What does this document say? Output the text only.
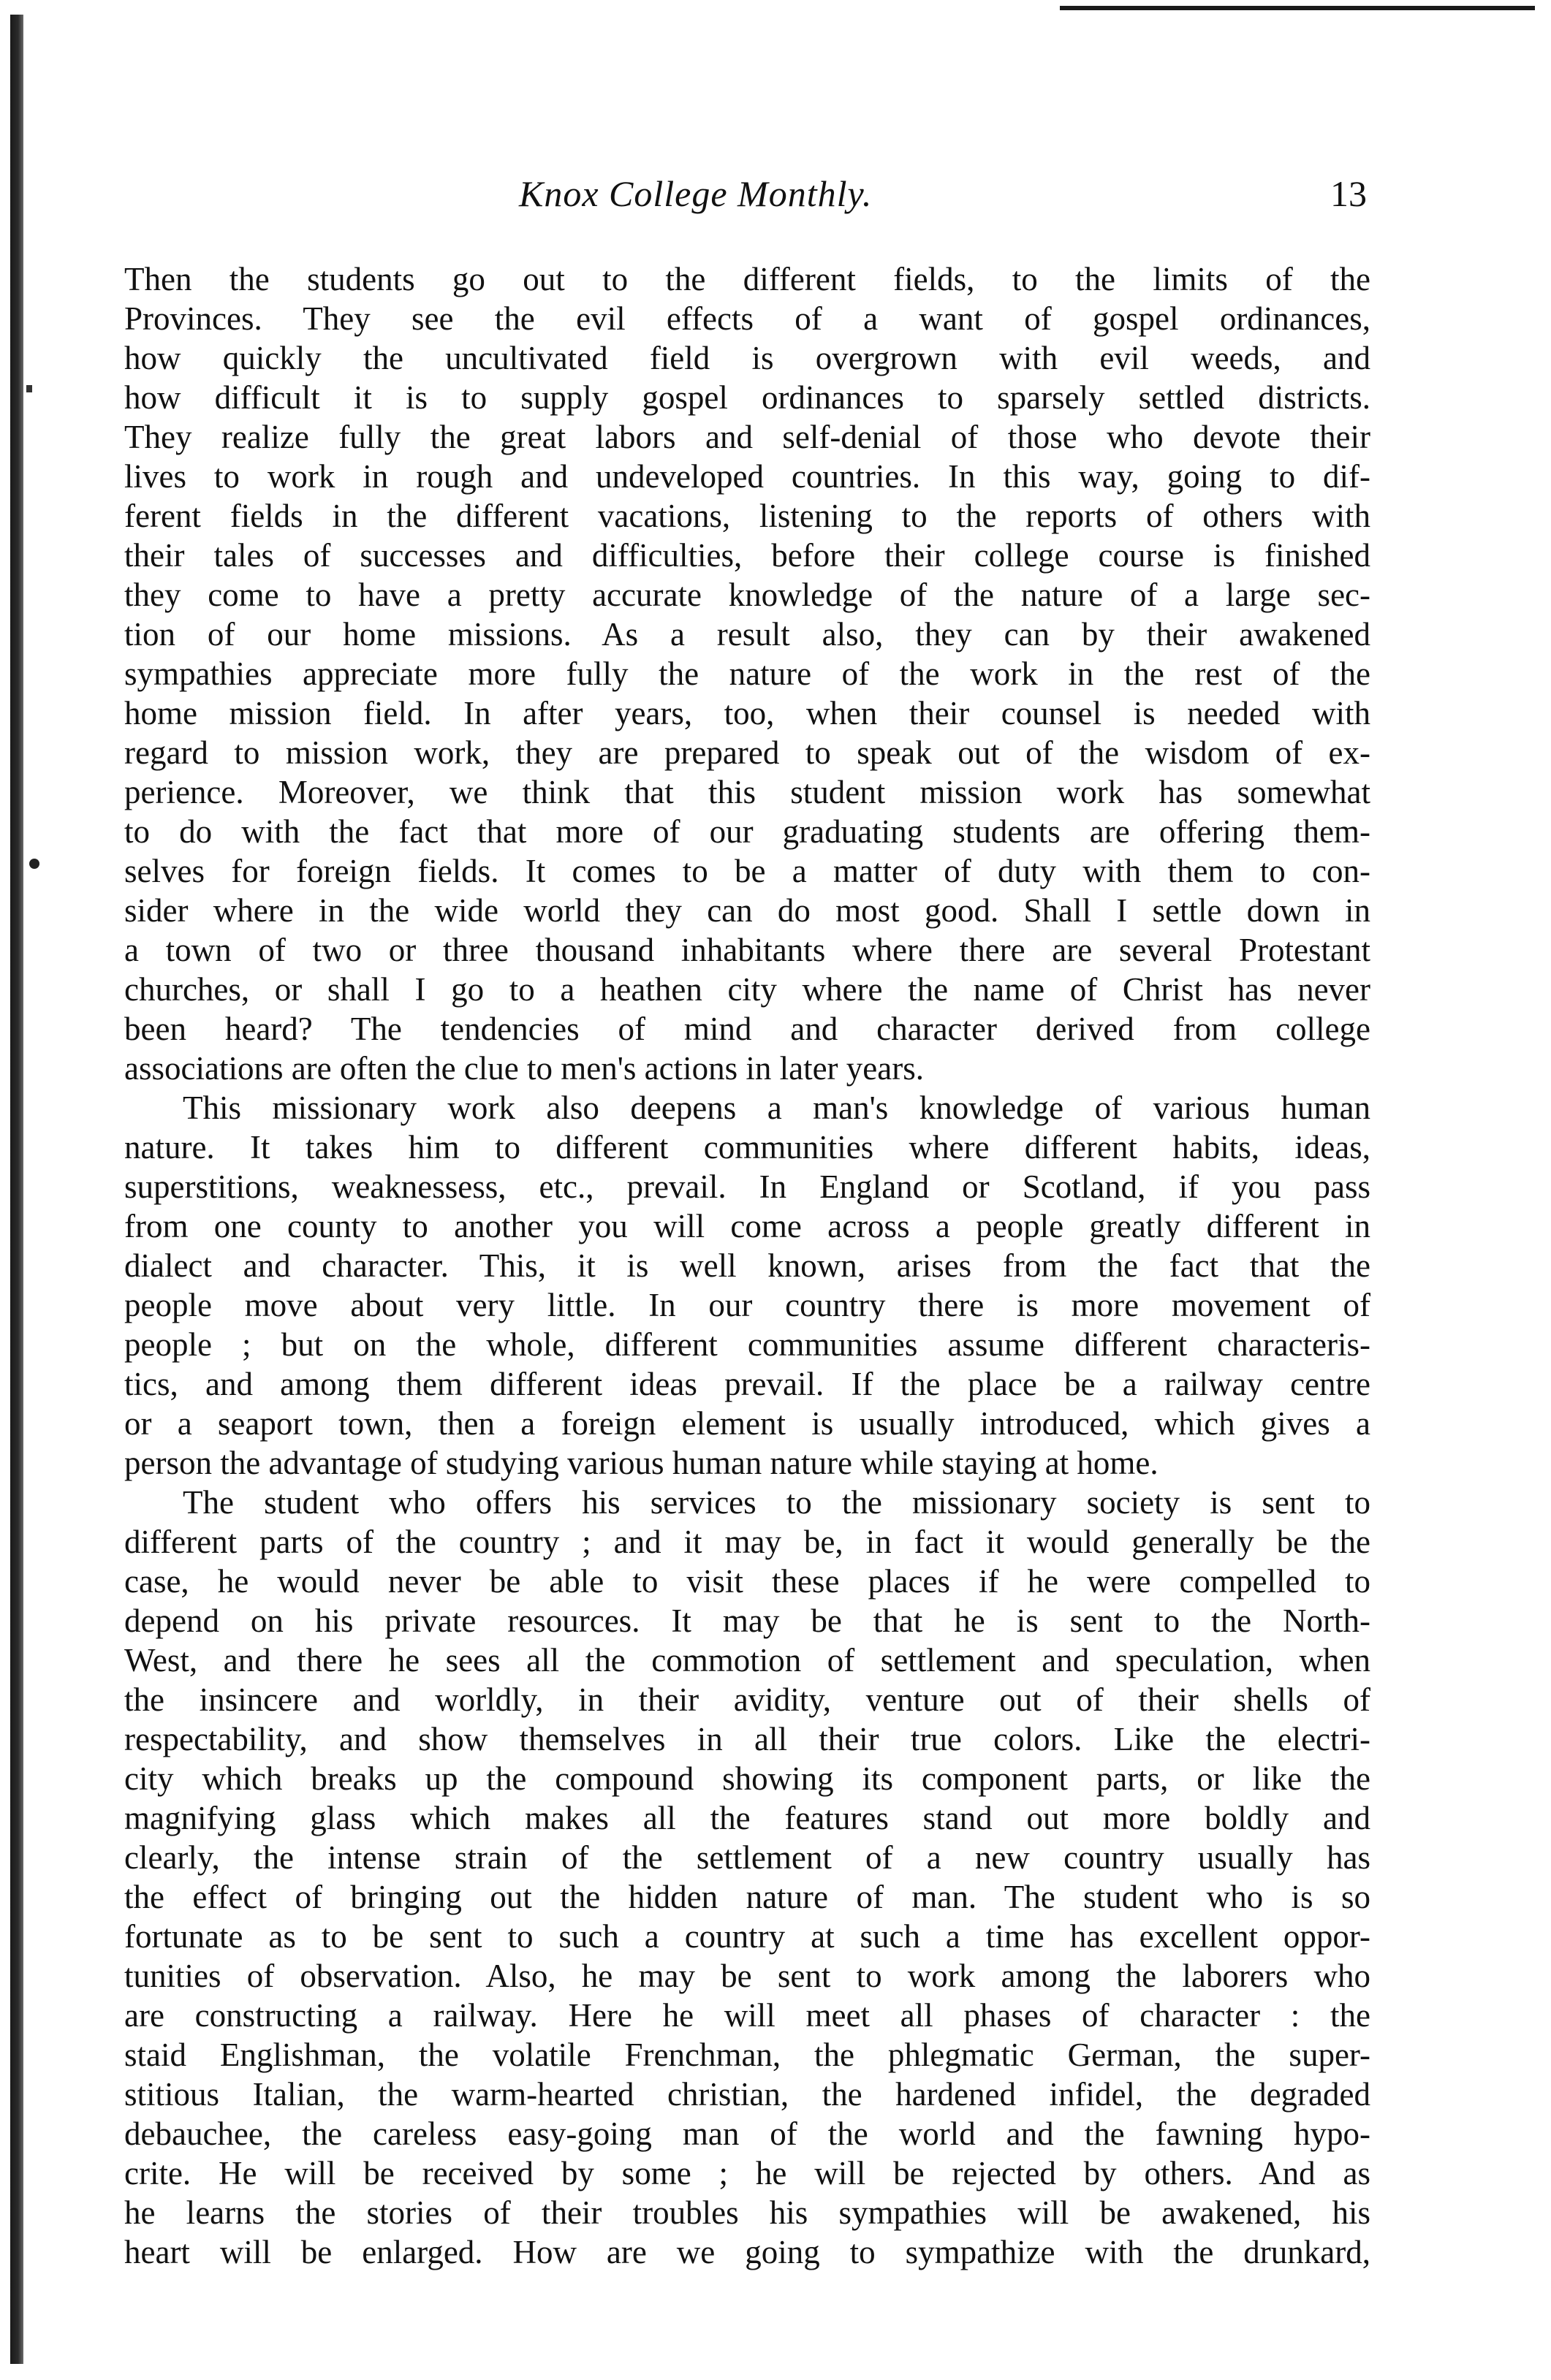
Knox College Monthly.	13
Then the students go out to the different fields, to the limits of the
Provinces. They see the evil effects of a want of gospel ordinances,
how quickly the uncultivated field is overgrown with evil weeds, and
how difficult it is to supply gospel ordinances to sparsely settled districts.
They realize fully the great labors and self-denial of those who devote their
lives to work in rough and undeveloped countries. In this way, going to dif-
ferent fields in the different vacations, listening to the reports of others with
their tales of successes and difficulties, before their college course is finished
they come to have a pretty accurate knowledge of the nature of a large sec-
tion of our home missions. As a result also, they can by their awakened
sympathies appreciate more fully the nature of the work in the rest of the
home mission field. In after years, too, when their counsel is needed with
regard to mission work, they are prepared to speak out of the wisdom of ex-
perience. Moreover, we think that this student mission work has somewhat
to do with the fact that more of our graduating students are offering them-
selves for foreign fields. It comes to be a matter of duty with them to con-
sider where in the wide world they can do most good. Shall I settle down in
a town of two or three thousand inhabitants where there are several Protestant
churches, or shall I go to a heathen city where the name of Christ has never
been heard? The tendencies of mind and character derived from college
associations are often the clue to men's actions in later years.
This missionary work also deepens a man's knowledge of various human
nature. It takes him to different communities where different habits, ideas,
superstitions, weaknessess, etc., prevail. In England or Scotland, if you pass
from one county to another you will come across a people greatly different in
dialect and character. This, it is well known, arises from the fact that the
people move about very little. In our country there is more movement of
people ; but on the whole, different communities assume different characteris-
tics, and among them different ideas prevail. If the place be a railway centre
or a seaport town, then a foreign element is usually introduced, which gives a
person the advantage of studying various human nature while staying at home.
The student who offers his services to the missionary society is sent to
different parts of the country ; and it may be, in fact it would generally be the
case, he would never be able to visit these places if he were compelled to
depend on his private resources. It may be that he is sent to the North-
West, and there he sees all the commotion of settlement and speculation, when
the insincere and worldly, in their avidity, venture out of their shells of
respectability, and show themselves in all their true colors. Like the electri-
city which breaks up the compound showing its component parts, or like the
magnifying glass which makes all the features stand out more boldly and
clearly, the intense strain of the settlement of a new country usually has
the effect of bringing out the hidden nature of man. The student who is so
fortunate as to be sent to such a country at such a time has excellent oppor-
tunities of observation. Also, he may be sent to work among the laborers who
are constructing a railway. Here he will meet all phases of character : the
staid Englishman, the volatile Frenchman, the phlegmatic German, the super-
stitious Italian, the warm-hearted christian, the hardened infidel, the degraded
debauchee, the careless easy-going man of the world and the fawning hypo-
crite. He will be received by some ; he will be rejected by others. And as
he learns the stories of their troubles his sympathies will be awakened, his
heart will be enlarged. How are we going to sympathize with the drunkard,
